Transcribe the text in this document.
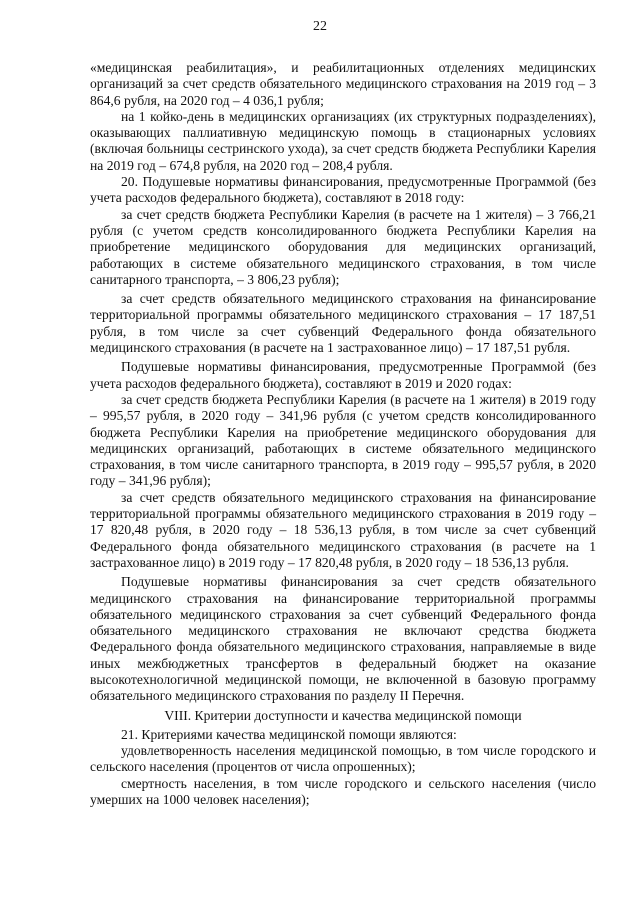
22

«медицинская реабилитация», и реабилитационных отделениях медицинских организаций за счет средств обязательного медицинского страхования на 2019 год – 3 864,6 рубля, на 2020 год – 4 036,1 рубля;

на 1 койко-день в медицинских организациях (их структурных подразделениях), оказывающих паллиативную медицинскую помощь в стационарных условиях (включая больницы сестринского ухода), за счет средств бюджета Республики Карелия на 2019 год – 674,8 рубля, на 2020 год – 208,4 рубля.

20. Подушевые нормативы финансирования, предусмотренные Программой (без учета расходов федерального бюджета), составляют в 2018 году:

за счет средств бюджета Республики Карелия (в расчете на 1 жителя) – 3 766,21 рубля (с учетом средств консолидированного бюджета Республики Карелия на приобретение медицинского оборудования для медицинских организаций, работающих в системе обязательного медицинского страхования, в том числе санитарного транспорта, – 3 806,23 рубля);

за счет средств обязательного медицинского страхования на финансирование территориальной программы обязательного медицинского страхования – 17 187,51 рубля, в том числе за счет субвенций Федерального фонда обязательного медицинского страхования (в расчете на 1 застрахованное лицо) – 17 187,51 рубля.

Подушевые нормативы финансирования, предусмотренные Программой (без учета расходов федерального бюджета), составляют в 2019 и 2020 годах:

за счет средств бюджета Республики Карелия (в расчете на 1 жителя) в 2019 году – 995,57 рубля, в 2020 году – 341,96 рубля (с учетом средств консолидированного бюджета Республики Карелия на приобретение медицинского оборудования для медицинских организаций, работающих в системе обязательного медицинского страхования, в том числе санитарного транспорта, в 2019 году – 995,57 рубля, в 2020 году – 341,96 рубля);

за счет средств обязательного медицинского страхования на финансирование территориальной программы обязательного медицинского страхования в 2019 году – 17 820,48 рубля, в 2020 году – 18 536,13 рубля, в том числе за счет субвенций Федерального фонда обязательного медицинского страхования (в расчете на 1 застрахованное лицо) в 2019 году – 17 820,48 рубля, в 2020 году – 18 536,13 рубля.

Подушевые нормативы финансирования за счет средств обязательного медицинского страхования на финансирование территориальной программы обязательного медицинского страхования за счет субвенций Федерального фонда обязательного медицинского страхования не включают средства бюджета Федерального фонда обязательного медицинского страхования, направляемые в виде иных межбюджетных трансфертов в федеральный бюджет на оказание высокотехнологичной медицинской помощи, не включенной в базовую программу обязательного медицинского страхования по разделу II Перечня.

VIII. Критерии доступности и качества медицинской помощи

21. Критериями качества медицинской помощи являются:

удовлетворенность населения медицинской помощью, в том числе городского и сельского населения (процентов от числа опрошенных);

смертность населения, в том числе городского и сельского населения (число умерших на 1000 человек населения);
